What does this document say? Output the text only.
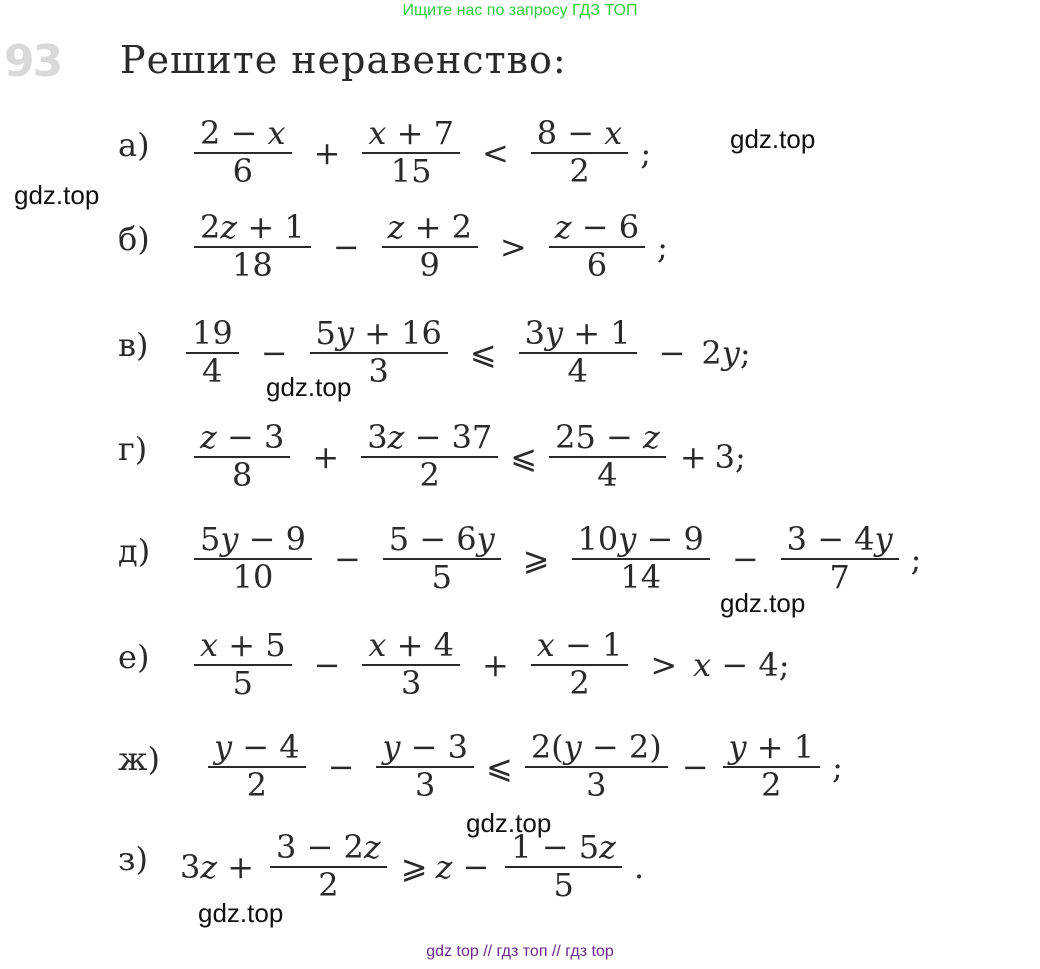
Ищите нас по запросу ГДЗ ТОП
93 Решите неравенство:
$а) \frac{2 - x}{6} + \frac{x + 7}{15} < \frac{8 - x}{2}$ ;
$б) \frac{2z + 1}{18} - \frac{z + 2}{9} > \frac{z - 6}{6}$ ;
$в) \frac{19}{4} - \frac{5y + 16}{3}$ ⩽ $\frac{3y + 1}{4} - 2y$;
$г) \frac{z - 3}{8} + \frac{3z - 37}{2}$ ⩽ $\frac{25 - z}{4} + 3$;
$д) \frac{5y - 9}{10} - \frac{5 - 6y}{5}$ ⩾ $\frac{10y - 9}{14} - \frac{3 - 4y}{7}$ ;
$е) \frac{x + 5}{5} - \frac{x + 4}{3} + \frac{x - 1}{2} > x - 4$;
$ж) \frac{y - 4}{2} - \frac{y - 3}{3}$ ⩽ $\frac{2(y - 2)}{3} - \frac{y + 1}{2}$ ;
з) $3z + \frac{3 - 2z}{2}$ ⩾ $z - \frac{1 - 5z}{5}$ .
gdz.top
gdz.top
gdz.top
gdz.top
gdz.top
gdz.top
gdz top // гдз топ // гдз top
